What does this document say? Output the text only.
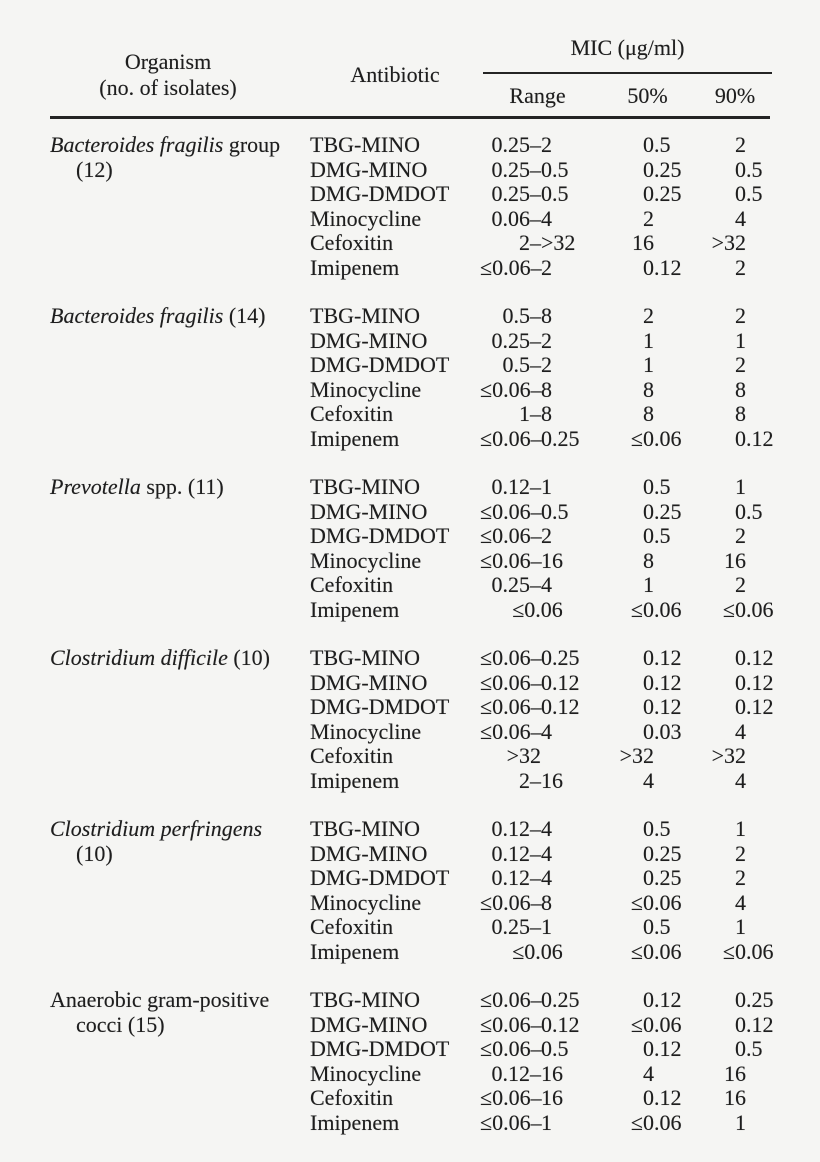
Organism
(no. of isolates)
Antibiotic
MIC (μg/ml)
Range	50%	90%
Bacteroides fragilis group
(12)
TBG-MINO	0.25– 2	0 .5	2
DMG-MINO	0.25– 0.5	0 .25	0 .5
DMG-DMDOT	0.25– 0.5	0 .25	0 .5
Minocycline	0.06– 4	2	4
Cefoxitin	2– >32	16	>32
Imipenem	≤0.06– 2	0 .12	2
Bacteroides fragilis (14)	TBG-MINO	0.5– 8	2	2
DMG-MINO	0.25– 2	1	1
DMG-DMDOT	0.5– 2	1	2
Minocycline	≤0.06– 8	8	8
Cefoxitin	1– 8	8	8
Imipenem	≤0.06– 0.25	≤0 .06	0 .12
Prevotella spp. (11)	TBG-MINO	0.12– 1	0 .5	1
DMG-MINO	≤0.06– 0.5	0 .25	0 .5
DMG-DMDOT	≤0.06– 2	0 .5	2
Minocycline	≤0.06– 16	8	16
Cefoxitin	0.25– 4	1	2
Imipenem	≤0.06	≤0 .06	≤0 .06
Clostridium difficile (10)	TBG-MINO	≤0.06– 0.25	0 .12	0 .12
DMG-MINO	≤0.06– 0.12	0 .12	0 .12
DMG-DMDOT	≤0.06– 0.12	0 .12	0 .12
Minocycline	≤0.06– 4	0 .03	4
Cefoxitin	>32	>32	>32
Imipenem	2– 16	4	4
Clostridium perfringens
(10)
TBG-MINO	0.12– 4	0 .5	1
DMG-MINO	0.12– 4	0 .25	2
DMG-DMDOT	0.12– 4	0 .25	2
Minocycline	≤0.06– 8	≤0 .06	4
Cefoxitin	0.25– 1	0 .5	1
Imipenem	≤0.06	≤0 .06	≤0 .06
Anaerobic gram-positive
cocci (15)
TBG-MINO	≤0.06– 0.25	0 .12	0 .25
DMG-MINO	≤0.06– 0.12	≤0 .06	0 .12
DMG-DMDOT	≤0.06– 0.5	0 .12	0 .5
Minocycline	0.12– 16	4	16
Cefoxitin	≤0.06– 16	0 .12	16
Imipenem	≤0.06– 1	≤0 .06	1
